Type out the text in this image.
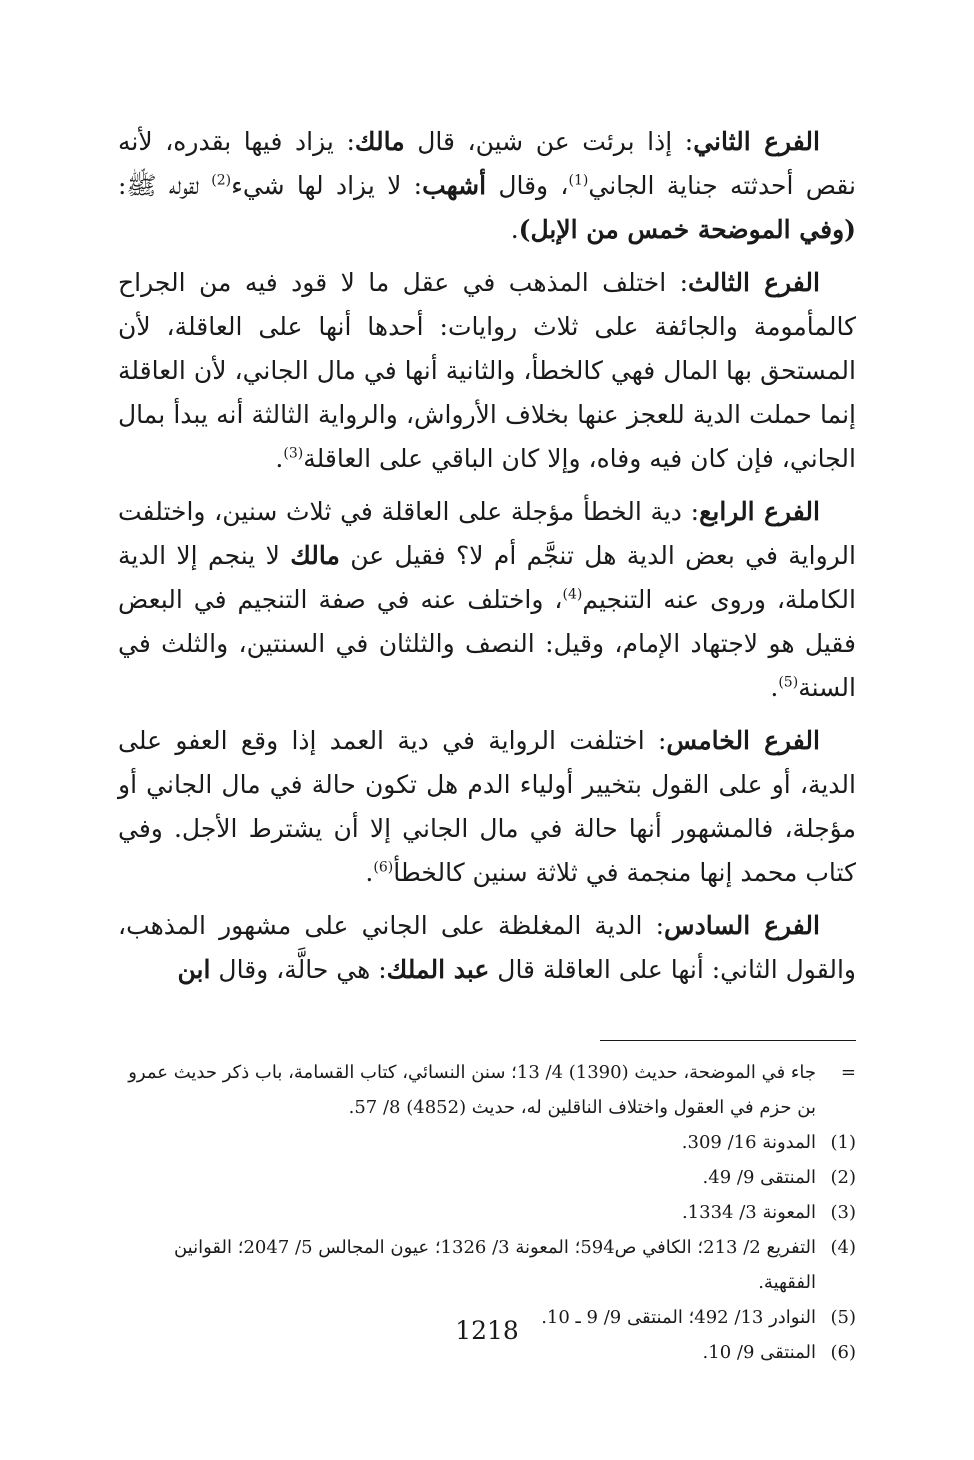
الفرع الثاني: إذا برئت عن شين، قال مالك: يزاد فيها بقدره، لأنه نقص أحدثته جناية الجاني$^{(1)}$، وقال أشهب: لا يزاد لها شيء$^{(2)}$ لقوله ﷺ: (وفي الموضحة خمس من الإبل).

الفرع الثالث: اختلف المذهب في عقل ما لا قود فيه من الجراح كالمأمومة والجائفة على ثلاث روايات: أحدها أنها على العاقلة، لأن المستحق بها المال فهي كالخطأ، والثانية أنها في مال الجاني، لأن العاقلة إنما حملت الدية للعجز عنها بخلاف الأرواش، والرواية الثالثة أنه يبدأ بمال الجاني، فإن كان فيه وفاه، وإلا كان الباقي على العاقلة$^{(3)}$.

الفرع الرابع: دية الخطأ مؤجلة على العاقلة في ثلاث سنين، واختلفت الرواية في بعض الدية هل تنجَّم أم لا؟ فقيل عن مالك لا ينجم إلا الدية الكاملة، وروى عنه التنجيم$^{(4)}$، واختلف عنه في صفة التنجيم في البعض فقيل هو لاجتهاد الإمام، وقيل: النصف والثلثان في السنتين، والثلث في السنة$^{(5)}$.

الفرع الخامس: اختلفت الرواية في دية العمد إذا وقع العفو على الدية، أو على القول بتخيير أولياء الدم هل تكون حالة في مال الجاني أو مؤجلة، فالمشهور أنها حالة في مال الجاني إلا أن يشترط الأجل. وفي كتاب محمد إنها منجمة في ثلاثة سنين كالخطأ$^{(6)}$.

الفرع السادس: الدية المغلظة على الجاني على مشهور المذهب، والقول الثاني: أنها على العاقلة قال عبد الملك: هي حالَّة، وقال ابن

=
جاء في الموضحة، حديث (1390) 4/ 13؛ سنن النسائي، كتاب القسامة، باب ذكر حديث عمرو بن حزم في العقول واختلاف الناقلين له، حديث (4852) 8/ 57.
(1)
المدونة 16/ 309.
(2)
المنتقى 9/ 49.
(3)
المعونة 3/ 1334.
(4)
التفريع 2/ 213؛ الكافي ص594؛ المعونة 3/ 1326؛ عيون المجالس 5/ 2047؛ القوانين الفقهية.
(5)
النوادر 13/ 492؛ المنتقى 9/ 9 ـ 10.
(6)
المنتقى 9/ 10.
1218
